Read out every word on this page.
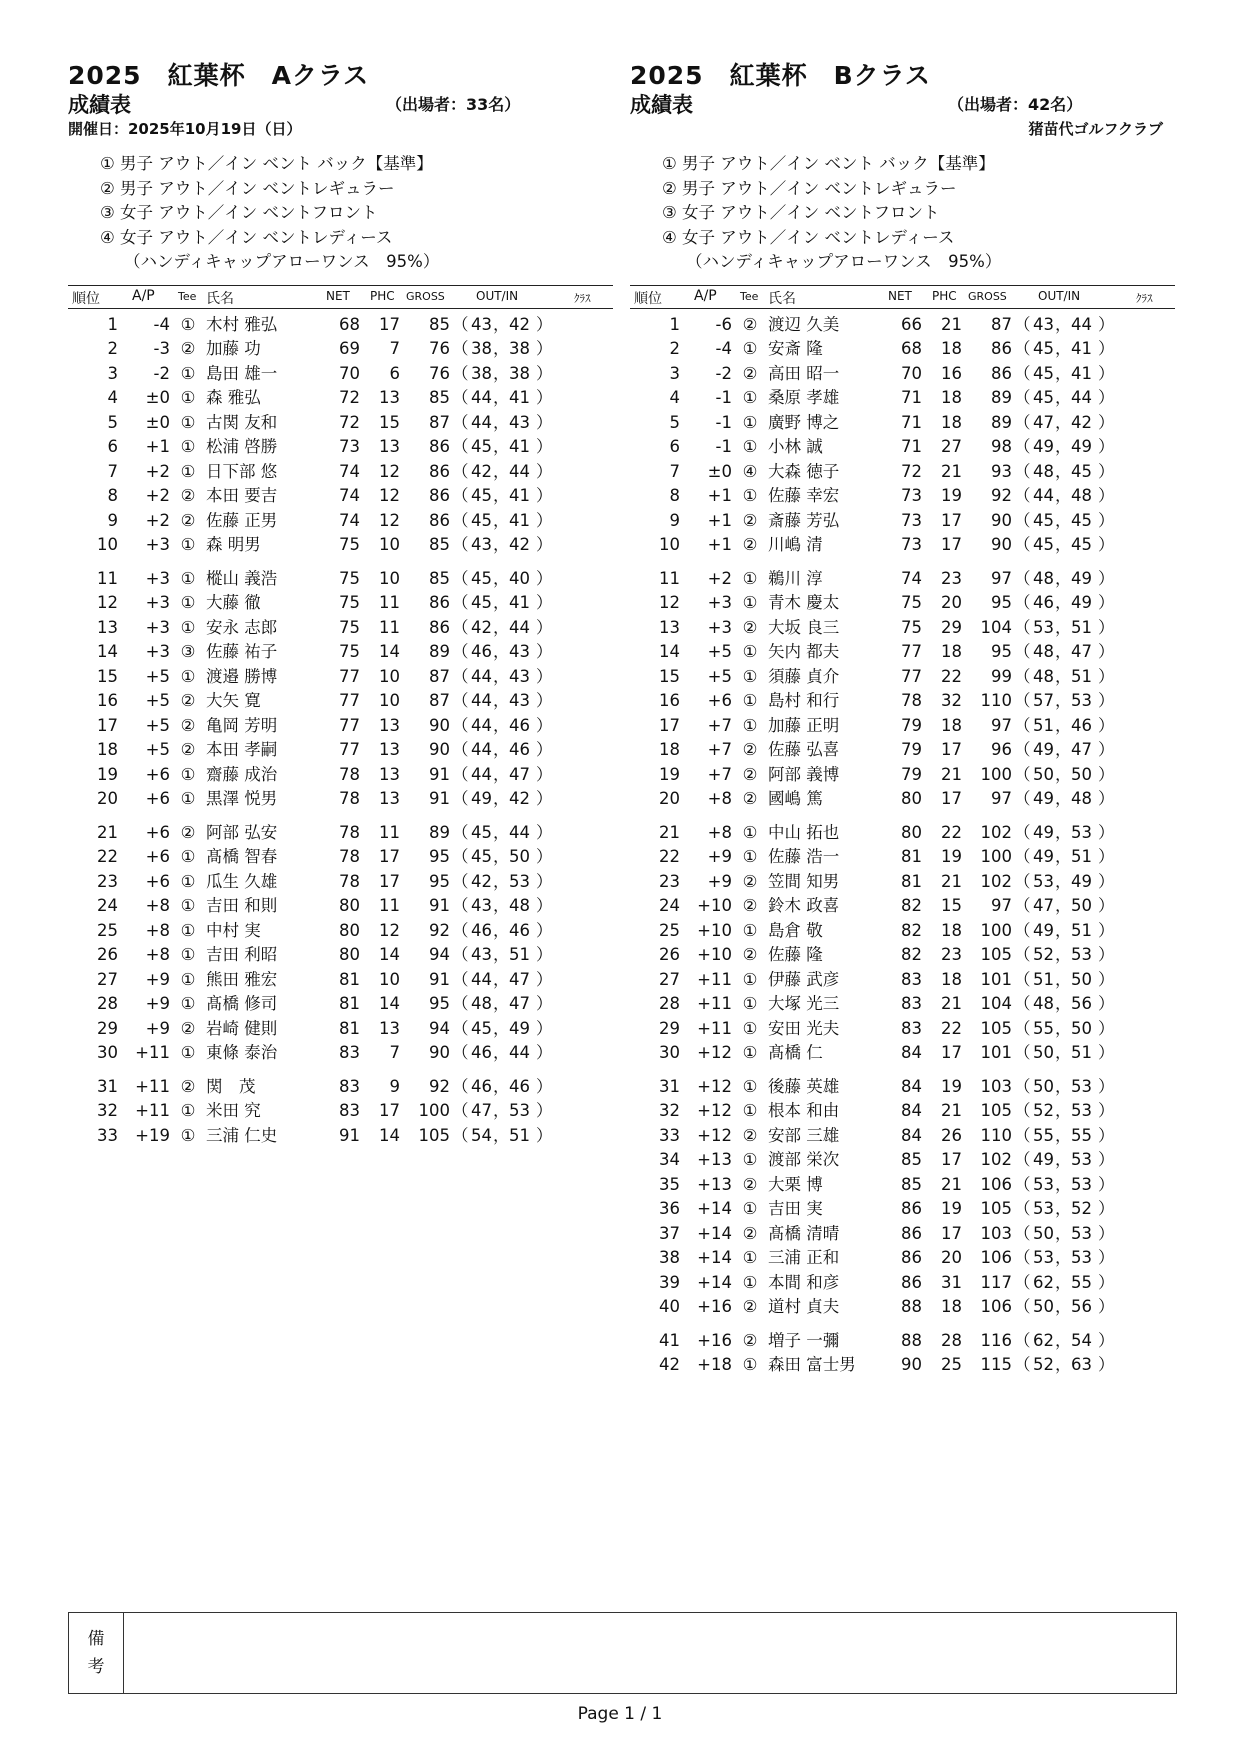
2025　紅葉杯　Aクラス
成績表	（出場者：33名）
開催日：2025年10月19日（日）
① 男子 アウト／イン ベント バック【基準】
② 男子 アウト／イン ベントレギュラー
③ 女子 アウト／イン ベントフロント
④ 女子 アウト／イン ベントレディース
（ハンディキャップアローワンス　95%）
順位 A/P Tee 氏名	NET PHC GROSS	OUT/IN	ｸﾗｽ
1	-4 ① 木村 雅弘	68	17	85 （ 43 ， 42 ）
2	-3 ② 加藤 功	69	7	76 （ 38 ， 38 ）
3	-2 ① 島田 雄一	70	6	76 （ 38 ， 38 ）
4	±0 ① 森 雅弘	72	13	85 （ 44 ， 41 ）
5	±0 ① 古関 友和	72	15	87 （ 44 ， 43 ）
6	+1 ① 松浦 啓勝	73	13	86 （ 45 ， 41 ）
7	+2 ① 日下部 悠	74	12	86 （ 42 ， 44 ）
8	+2 ② 本田 要吉	74	12	86 （ 45 ， 41 ）
9	+2 ② 佐藤 正男	74	12	86 （ 45 ， 41 ）
10	+3 ① 森 明男	75	10	85 （ 43 ， 42 ）
11	+3 ① 樅山 義浩	75	10	85 （ 45 ， 40 ）
12	+3 ① 大藤 徹	75	11	86 （ 45 ， 41 ）
13	+3 ① 安永 志郎	75	11	86 （ 42 ， 44 ）
14	+3 ③ 佐藤 祐子	75	14	89 （ 46 ， 43 ）
15	+5 ① 渡邉 勝博	77	10	87 （ 44 ， 43 ）
16	+5 ② 大矢 寛	77	10	87 （ 44 ， 43 ）
17	+5 ② 亀岡 芳明	77	13	90 （ 44 ， 46 ）
18	+5 ② 本田 孝嗣	77	13	90 （ 44 ， 46 ）
19	+6 ① 齋藤 成治	78	13	91 （ 44 ， 47 ）
20	+6 ① 黒澤 悦男	78	13	91 （ 49 ， 42 ）
21	+6 ② 阿部 弘安	78	11	89 （ 45 ， 44 ）
22	+6 ① 髙橋 智春	78	17	95 （ 45 ， 50 ）
23	+6 ① 瓜生 久雄	78	17	95 （ 42 ， 53 ）
24	+8 ① 吉田 和則	80	11	91 （ 43 ， 48 ）
25	+8 ① 中村 実	80	12	92 （ 46 ， 46 ）
26	+8 ① 吉田 利昭	80	14	94 （ 43 ， 51 ）
27	+9 ① 熊田 雅宏	81	10	91 （ 44 ， 47 ）
28	+9 ① 髙橋 修司	81	14	95 （ 48 ， 47 ）
29	+9 ② 岩崎 健則	81	13	94 （ 45 ， 49 ）
30	+11 ① 東條 泰治	83	7	90 （ 46 ， 44 ）
31	+11 ② 関　茂	83	9	92 （ 46 ， 46 ）
32	+11 ① 米田 究	83	17	100 （ 47 ， 53 ）
33	+19 ① 三浦 仁史	91	14	105 （ 54 ， 51 ）
2025　紅葉杯　Bクラス
成績表	（出場者：42名）
猪苗代ゴルフクラブ
① 男子 アウト／イン ベント バック【基準】
② 男子 アウト／イン ベントレギュラー
③ 女子 アウト／イン ベントフロント
④ 女子 アウト／イン ベントレディース
（ハンディキャップアローワンス　95%）
順位 A/P Tee 氏名	NET PHC GROSS	OUT/IN	ｸﾗｽ
1	-6 ② 渡辺 久美	66	21	87 （ 43 ， 44 ）
2	-4 ① 安斎 隆	68	18	86 （ 45 ， 41 ）
3	-2 ② 高田 昭一	70	16	86 （ 45 ， 41 ）
4	-1 ① 桑原 孝雄	71	18	89 （ 45 ， 44 ）
5	-1 ① 廣野 博之	71	18	89 （ 47 ， 42 ）
6	-1 ① 小林 誠	71	27	98 （ 49 ， 49 ）
7	±0 ④ 大森 徳子	72	21	93 （ 48 ， 45 ）
8	+1 ① 佐藤 幸宏	73	19	92 （ 44 ， 48 ）
9	+1 ② 斎藤 芳弘	73	17	90 （ 45 ， 45 ）
10	+1 ② 川嶋 清	73	17	90 （ 45 ， 45 ）
11	+2 ① 鵜川 淳	74	23	97 （ 48 ， 49 ）
12	+3 ① 青木 慶太	75	20	95 （ 46 ， 49 ）
13	+3 ② 大坂 良三	75	29	104 （ 53 ， 51 ）
14	+5 ① 矢内 都夫	77	18	95 （ 48 ， 47 ）
15	+5 ① 須藤 貞介	77	22	99 （ 48 ， 51 ）
16	+6 ① 島村 和行	78	32	110 （ 57 ， 53 ）
17	+7 ① 加藤 正明	79	18	97 （ 51 ， 46 ）
18	+7 ② 佐藤 弘喜	79	17	96 （ 49 ， 47 ）
19	+7 ② 阿部 義博	79	21	100 （ 50 ， 50 ）
20	+8 ② 國嶋 篤	80	17	97 （ 49 ， 48 ）
21	+8 ① 中山 拓也	80	22	102 （ 49 ， 53 ）
22	+9 ① 佐藤 浩一	81	19	100 （ 49 ， 51 ）
23	+9 ② 笠間 知男	81	21	102 （ 53 ， 49 ）
24	+10 ② 鈴木 政喜	82	15	97 （ 47 ， 50 ）
25	+10 ① 島倉 敬	82	18	100 （ 49 ， 51 ）
26	+10 ② 佐藤 隆	82	23	105 （ 52 ， 53 ）
27	+11 ① 伊藤 武彦	83	18	101 （ 51 ， 50 ）
28	+11 ① 大塚 光三	83	21	104 （ 48 ， 56 ）
29	+11 ① 安田 光夫	83	22	105 （ 55 ， 50 ）
30	+12 ① 髙橋 仁	84	17	101 （ 50 ， 51 ）
31	+12 ① 後藤 英雄	84	19	103 （ 50 ， 53 ）
32	+12 ① 根本 和由	84	21	105 （ 52 ， 53 ）
33	+12 ② 安部 三雄	84	26	110 （ 55 ， 55 ）
34	+13 ① 渡部 栄次	85	17	102 （ 49 ， 53 ）
35	+13 ② 大栗 博	85	21	106 （ 53 ， 53 ）
36	+14 ① 吉田 実	86	19	105 （ 53 ， 52 ）
37	+14 ② 髙橋 清晴	86	17	103 （ 50 ， 53 ）
38	+14 ① 三浦 正和	86	20	106 （ 53 ， 53 ）
39	+14 ① 本間 和彦	86	31	117 （ 62 ， 55 ）
40	+16 ② 道村 貞夫	88	18	106 （ 50 ， 56 ）
41	+16 ② 増子 一彌	88	28	116 （ 62 ， 54 ）
42	+18 ① 森田 富士男	90	25	115 （ 52 ， 63 ）
備
考
Page 1 / 1
